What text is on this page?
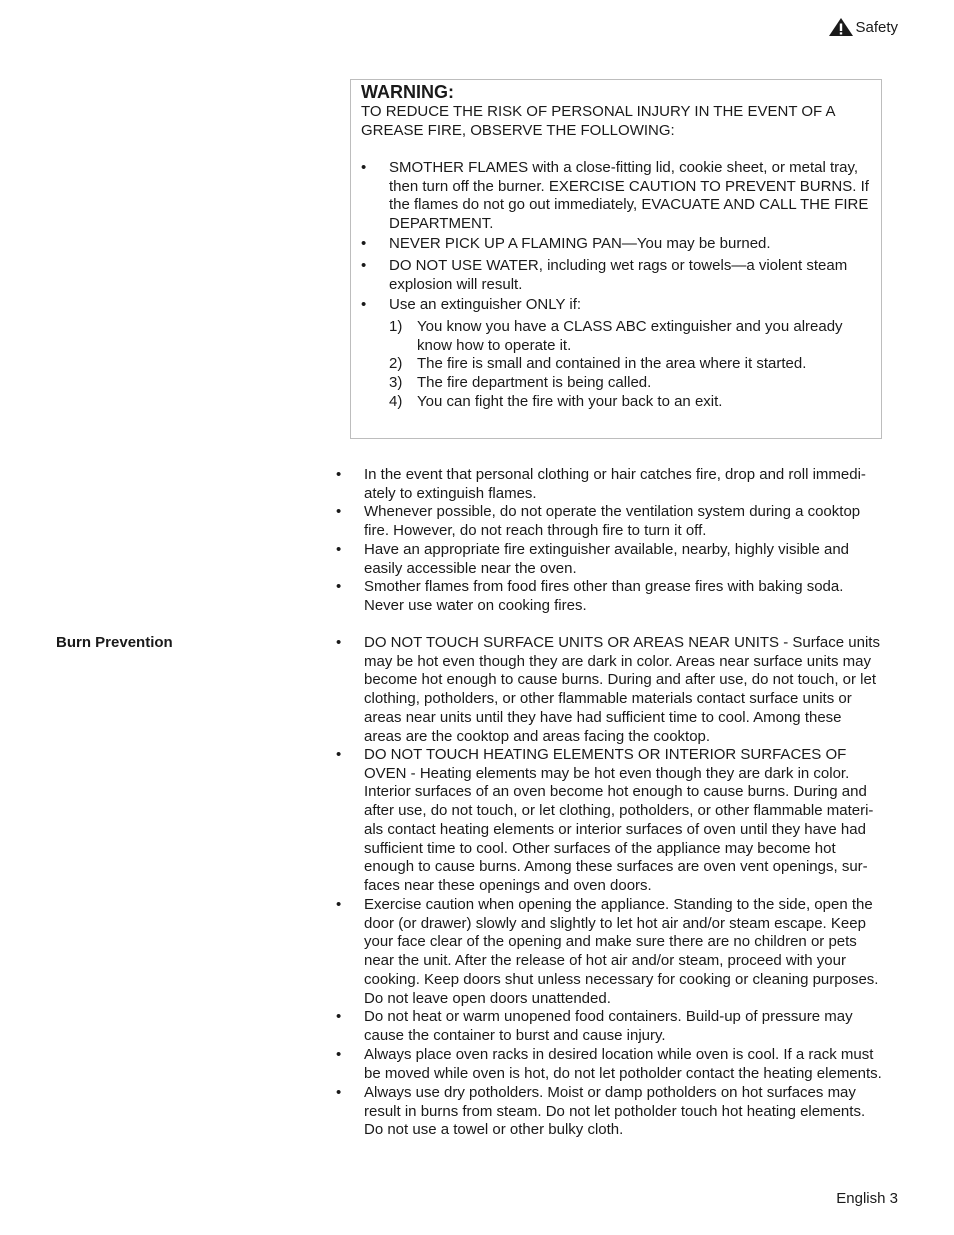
Safety
WARNING:
TO REDUCE THE RISK OF PERSONAL INJURY IN THE EVENT OF A GREASE FIRE, OBSERVE THE FOLLOWING:
• SMOTHER FLAMES with a close-fitting lid, cookie sheet, or metal tray,
then turn off the burner. EXERCISE CAUTION TO PREVENT BURNS. If
the flames do not go out immediately, EVACUATE AND CALL THE FIRE
DEPARTMENT.
• NEVER PICK UP A FLAMING PAN—You may be burned.
• DO NOT USE WATER, including wet rags or towels—a violent steam
explosion will result.
• Use an extinguisher ONLY if:
1) You know you have a CLASS ABC extinguisher and you already
know how to operate it.
2) The fire is small and contained in the area where it started.
3) The fire department is being called.
4) You can fight the fire with your back to an exit.
• In the event that personal clothing or hair catches fire, drop and roll immedi-
ately to extinguish flames.
• Whenever possible, do not operate the ventilation system during a cooktop
fire. However, do not reach through fire to turn it off.
• Have an appropriate fire extinguisher available, nearby, highly visible and
easily accessible near the oven.
• Smother flames from food fires other than grease fires with baking soda.
Never use water on cooking fires.
Burn Prevention	• DO NOT TOUCH SURFACE UNITS OR AREAS NEAR UNITS - Surface units
may be hot even though they are dark in color. Areas near surface units may
become hot enough to cause burns. During and after use, do not touch, or let
clothing, potholders, or other flammable materials contact surface units or
areas near units until they have had sufficient time to cool. Among these
areas are the cooktop and areas facing the cooktop.
• DO NOT TOUCH HEATING ELEMENTS OR INTERIOR SURFACES OF
OVEN - Heating elements may be hot even though they are dark in color.
Interior surfaces of an oven become hot enough to cause burns. During and
after use, do not touch, or let clothing, potholders, or other flammable materi-
als contact heating elements or interior surfaces of oven until they have had
sufficient time to cool. Other surfaces of the appliance may become hot
enough to cause burns. Among these surfaces are oven vent openings, sur-
faces near these openings and oven doors.
• Exercise caution when opening the appliance. Standing to the side, open the
door (or drawer) slowly and slightly to let hot air and/or steam escape. Keep
your face clear of the opening and make sure there are no children or pets
near the unit. After the release of hot air and/or steam, proceed with your
cooking. Keep doors shut unless necessary for cooking or cleaning purposes.
Do not leave open doors unattended.
• Do not heat or warm unopened food containers. Build-up of pressure may
cause the container to burst and cause injury.
• Always place oven racks in desired location while oven is cool. If a rack must
be moved while oven is hot, do not let potholder contact the heating elements.
• Always use dry potholders. Moist or damp potholders on hot surfaces may
result in burns from steam. Do not let potholder touch hot heating elements.
Do not use a towel or other bulky cloth.
English 3
